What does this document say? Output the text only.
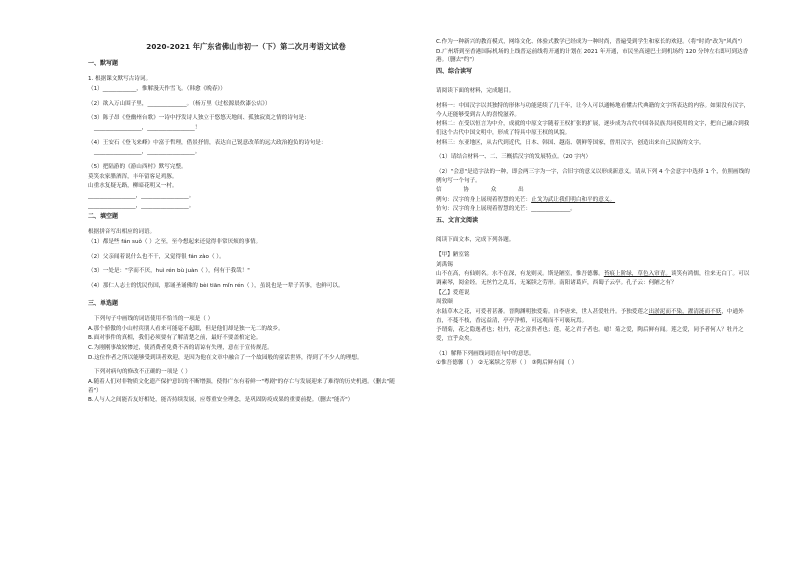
2020-2021 年广东省佛山市初一（下）第二次月考语文试卷
一、默写题
1. 根据课文默写古诗词。
（1）____________，惟解漫天作雪飞。（韩愈《晚春》）
（2）欲入万山围子里，______________。（杨万里《过松源晨炊漆公店》）
（3）陈子昂《登幽州台歌》一诗中抒发诗人独立于悠悠天地间、孤独寂寞之情的诗句是：
_________________，_________________！
（4）王安石《登飞来峰》中富于哲理，借景抒情，表达自己锐意改革的远大政治抱负的诗句是：
_________________，_________________。
（5）把陆游的《游山西村》默写完整。
莫笑农家腊酒浑，丰年留客足鸡豚。
山重水复疑无路，柳暗花明又一村。
_________________，_________________。
_________________，_________________。
二、填空题
根据拼音写出相应的词语。
（1）都是些 fán suǒ（ ）之至，至今想起来还觉得非常厌烦的事情。
（2）父亲闻着说什么也不干，又觉得很 fán zào（ ）。
（3）一处是："学而不厌，huì rén bù juàn（ ），何有于我哉！"
（4）那仁人志士的忧民伤国，那诵圣诵佛的 bèi tiān mǐn rén（ ），虽说也是一辈子苦事，也鲜可以。
三、单选题
下列句子中画线的词语使用不恰当的一项是（ ）
A.那个骄傲的小山村宾朋人看来可能毫不起眼，但是他们却是独一无二的故乡。
B.面对事件的真相，我们必须要有了解清楚之前，最好不要盖棺定论。
C.为刚刚事故较惨过，使消费者免费不吝的请谅有失理，意在于宣传规范。
D.这位作者之所以能够受到读者欢迎，是因为他在文章中融合了一个故园般的童话世界，得到了不少人的理想。
下列对病句的修改不正确的一项是（ ）
A.随着人们对非物质文化遗产保护意识的不断增强，使得广东有着鲜一"粤剧"的存亡与发展迎来了难得的历史机遇。（删去"随着"）
B.人与人之间能否友好相处，能否持续发展，应尊重安全理念，是巩固防疫成果的重要前提。（删去"能否"）
C.作为一种新兴的教育模式，网络文化、体验式教学已经成为一种时尚，普遍受到学生和家长的欢迎。（将"时尚"改为"风尚"）
D.广州塔到至香港国际机场的上线普运前线将开通的计划在 2021 年开通，市民坐高速巴士到机场约 120 分钟左右即可到达香港。（删去"约"）
四、综合读写
请阅读下面的材料，完成题目。
材料一：中国汉字以其独特的形体与功能延续了几千年，让今人可以通畅地看懂古代典籍的文字所表达的内容。如果没有汉字，今人还能够受到古人的喜悦滋养。
材料二：在受以恒言为中介，成就的中原文字随着王权扩张的扩展，逐步成为古代中国各民族共同使用的文字，把自己融合到我们这个古代中国文明中，形成了特具中原王权的风貌。
材料三：东亚地区，从古代到近代，日本、韩国、越南、朝鲜等国家，曾用汉字，创造出来自己民族的文字。
（1）请结合材料一、二、三概括汉字的发展特点。（20 字内）
（2）"会意"是造字法的一种，即会两三字为一字，合旧字的意义以形成新意义。请从下列 4 个会意字中选择 1 个，仿照画线的例句写一个句子。
信 协 众 出
例句：汉字的身上展现着智慧的光芒：止戈为武让我们明白和平的意义。
仿句：汉字的身上展现着智慧的光芒：______________。
五、文言文阅读
阅读下面文本，完成下列各题。
【甲】陋室铭
刘禹锡
山不在高，有仙则名。水不在深，有龙则灵。斯是陋室，惟吾德馨。苔痕上阶绿，草色入帘青。谈笑有鸿儒，往来无白丁。可以调素琴，阅金经。无丝竹之乱耳，无案牍之劳形。南阳诸葛庐，西蜀子云亭。孔子云：何陋之有？
【乙】爱莲说
周敦颐
水陆草木之花，可爱者甚蕃。晋陶渊明独爱菊。自李唐来，世人甚爱牡丹。予独爱莲之出淤泥而不染，濯清涟而不妖，中通外直，不蔓不枝，香远益清，亭亭净植，可远观而不可亵玩焉。
予谓菊，花之隐逸者也；牡丹，花之富贵者也；莲，花之君子者也。噫！菊之爱，陶后鲜有闻。莲之爱，同予者何人？牡丹之爱，宜乎众矣。
（1）解释下列画线词语在句中的意思。
①惟吾德馨（ ） ②无案牍之劳形（ ） ③陶后鲜有闻（ ）
